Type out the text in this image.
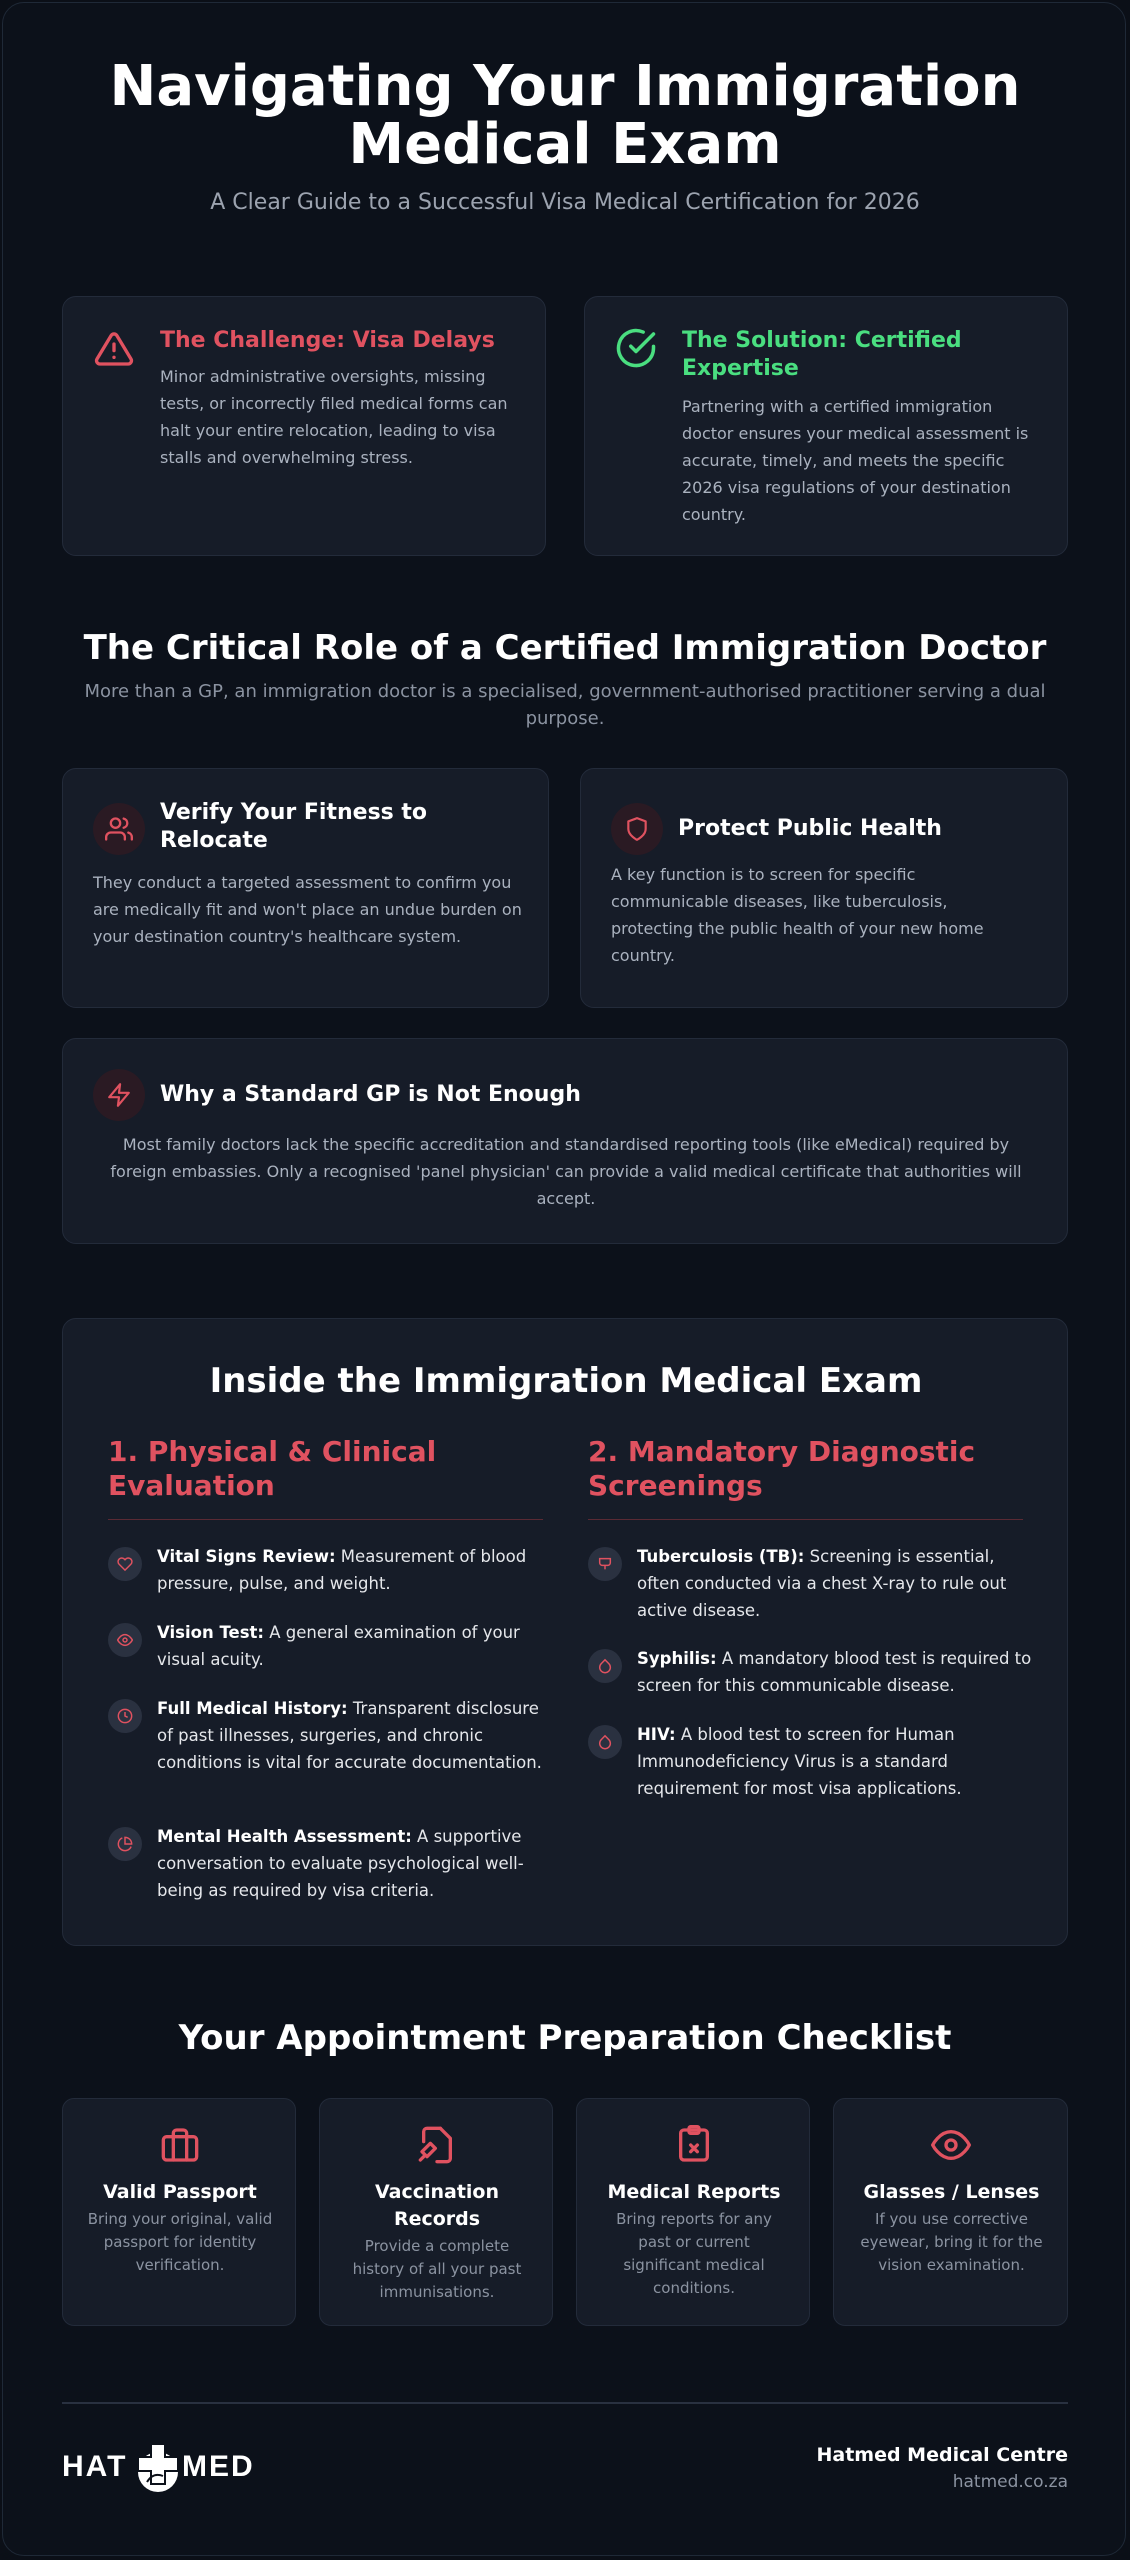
Navigating Your Immigration Medical Exam
A Clear Guide to a Successful Visa Medical Certification for 2026
The Challenge: Visa Delays
Minor administrative oversights, missing tests, or incorrectly filed medical forms can halt your entire relocation, leading to visa stalls and overwhelming stress.
The Solution: Certified Expertise
Partnering with a certified immigration doctor ensures your medical assessment is accurate, timely, and meets the specific 2026 visa regulations of your destination country.
The Critical Role of a Certified Immigration Doctor
More than a GP, an immigration doctor is a specialised, government-authorised practitioner serving a dual purpose.
Verify Your Fitness to Relocate
They conduct a targeted assessment to confirm you are medically fit and won't place an undue burden on your destination country's healthcare system.
Protect Public Health
A key function is to screen for specific communicable diseases, like tuberculosis, protecting the public health of your new home country.
Why a Standard GP is Not Enough
Most family doctors lack the specific accreditation and standardised reporting tools (like eMedical) required by foreign embassies. Only a recognised 'panel physician' can provide a valid medical certificate that authorities will accept.
Inside the Immigration Medical Exam
1. Physical & Clinical Evaluation
Vital Signs Review: Measurement of blood pressure, pulse, and weight.
Vision Test: A general examination of your visual acuity.
Full Medical History: Transparent disclosure of past illnesses, surgeries, and chronic conditions is vital for accurate documentation.
Mental Health Assessment: A supportive conversation to evaluate psychological well-being as required by visa criteria.
2. Mandatory Diagnostic Screenings
Tuberculosis (TB): Screening is essential, often conducted via a chest X-ray to rule out active disease.
Syphilis: A mandatory blood test is required to screen for this communicable disease.
HIV: A blood test to screen for Human Immunodeficiency Virus is a standard requirement for most visa applications.
Your Appointment Preparation Checklist
Valid Passport
Bring your original, valid passport for identity verification.
Vaccination Records
Provide a complete history of all your past immunisations.
Medical Reports
Bring reports for any past or current significant medical conditions.
Glasses / Lenses
If you use corrective eyewear, bring it for the vision examination.
HAT MED	Hatmed Medical Centre
hatmed.co.za
